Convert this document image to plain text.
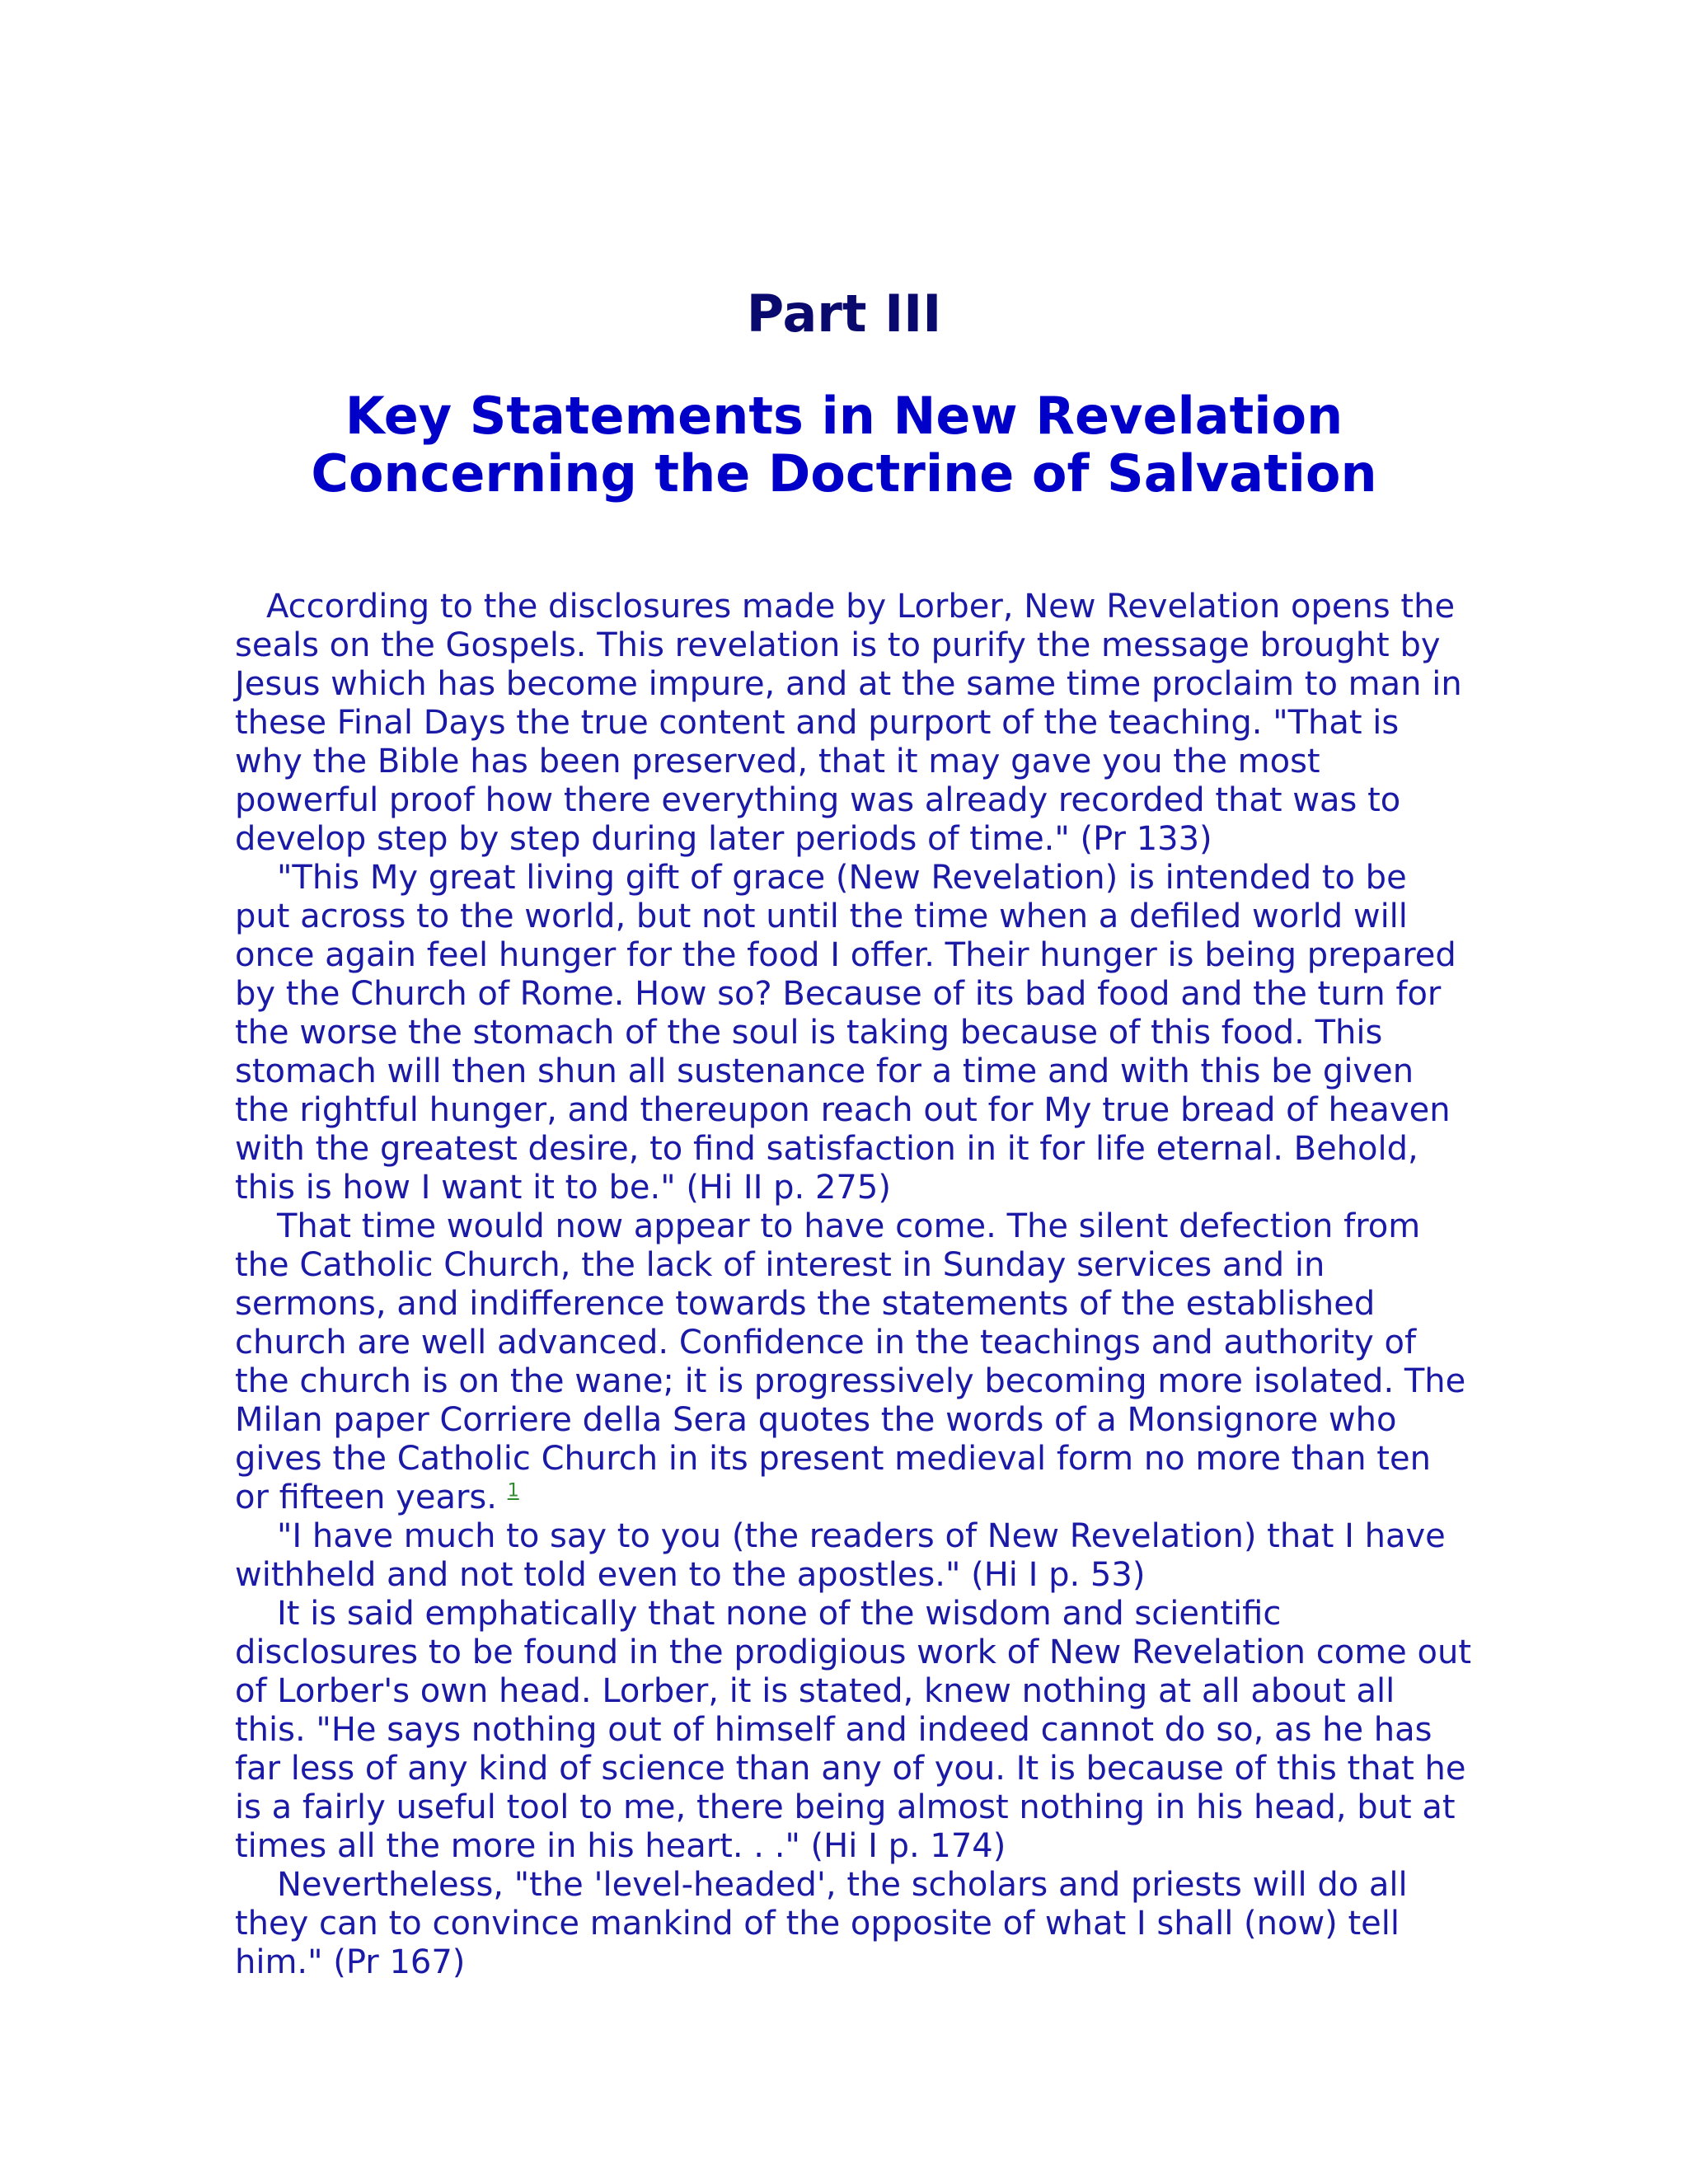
Part III
Key Statements in New Revelation
Concerning the Doctrine of Salvation

According to the disclosures made by Lorber, New Revelation opens the seals on the Gospels. This revelation is to purify the message brought by Jesus which has become impure, and at the same time proclaim to man in these Final Days the true content and purport of the teaching. "That is why the Bible has been preserved, that it may gave you the most powerful proof how there everything was already recorded that was to develop step by step during later periods of time." (Pr 133)

"This My great living gift of grace (New Revelation) is intended to be put across to the world, but not until the time when a defiled world will once again feel hunger for the food I offer. Their hunger is being prepared by the Church of Rome. How so? Because of its bad food and the turn for the worse the stomach of the soul is taking because of this food. This stomach will then shun all sustenance for a time and with this be given the rightful hunger, and thereupon reach out for My true bread of heaven with the greatest desire, to find satisfaction in it for life eternal. Behold, this is how I want it to be." (Hi II p. 275)

That time would now appear to have come. The silent defection from the Catholic Church, the lack of interest in Sunday services and in sermons, and indifference towards the statements of the established church are well advanced. Confidence in the teachings and authority of the church is on the wane; it is progressively becoming more isolated. The Milan paper Corriere della Sera quotes the words of a Monsignore who gives the Catholic Church in its present medieval form no more than ten or fifteen years. $^1$

"I have much to say to you (the readers of New Revelation) that I have withheld and not told even to the apostles." (Hi I p. 53)

It is said emphatically that none of the wisdom and scientific disclosures to be found in the prodigious work of New Revelation come out of Lorber's own head. Lorber, it is stated, knew nothing at all about all this. "He says nothing out of himself and indeed cannot do so, as he has far less of any kind of science than any of you. It is because of this that he is a fairly useful tool to me, there being almost nothing in his head, but at times all the more in his heart. . ." (Hi I p. 174)

Nevertheless, "the 'level-headed', the scholars and priests will do all they can to convince mankind of the opposite of what I shall (now) tell him." (Pr 167)
